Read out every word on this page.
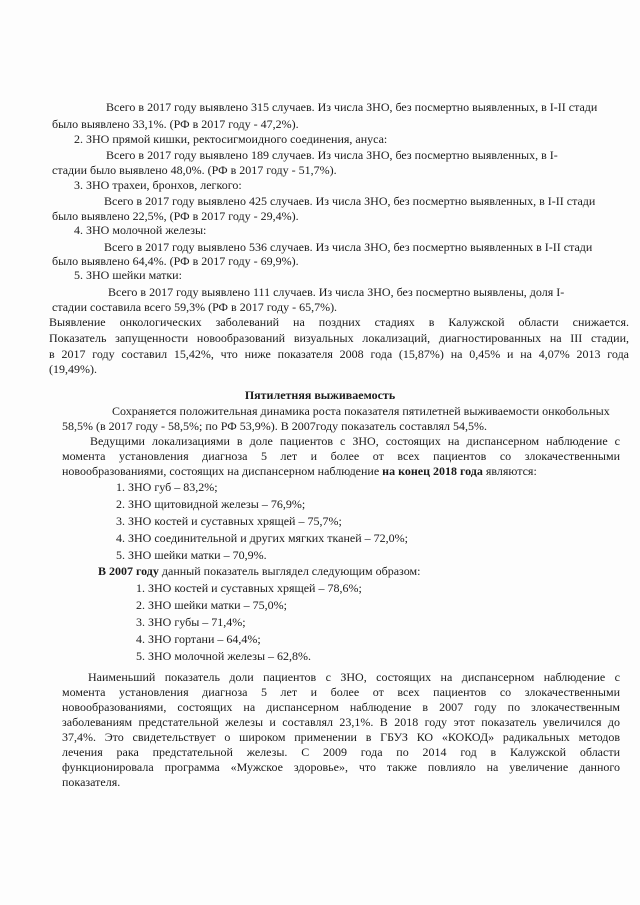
Всего в 2017 году выявлено 315 случаев. Из числа ЗНО, без посмертно выявленных, в I-II стади
было выявлено 33,1%. (РФ в 2017 году - 47,2%).
2. ЗНО прямой кишки, ректосигмоидного соединения, ануса:
Всего в 2017 году выявлено 189 случаев. Из числа ЗНО, без посмертно выявленных, в I-
стадии было выявлено 48,0%. (РФ в 2017 году - 51,7%).
3. ЗНО трахеи, бронхов, легкого:
Всего в 2017 году выявлено 425 случаев. Из числа ЗНО, без посмертно выявленных, в I-II стади
было выявлено 22,5%, (РФ в 2017 году - 29,4%).
4. ЗНО молочной железы:
Всего в 2017 году выявлено 536 случаев. Из числа ЗНО, без посмертно выявленных в I-II стади
было выявлено 64,4%. (РФ в 2017 году - 69,9%).
5. ЗНО шейки матки:
Всего в 2017 году выявлено 111 случаев. Из числа ЗНО, без посмертно выявлены, доля I-
стадии составила всего 59,3% (РФ в 2017 году - 65,7%).
Выявление онкологических заболеваний на поздних стадиях в Калужской области снижается.
Показатель запущенности новообразований визуальных локализаций, диагностированных на III стадии,
в 2017 году составил 15,42%, что ниже показателя 2008 года (15,87%) на 0,45% и на 4,07% 2013 года
(19,49%).
Пятилетняя выживаемость
Сохраняется положительная динамика роста показателя пятилетней выживаемости онкобольных
58,5% (в 2017 году - 58,5%; по РФ 53,9%). В 2007году показатель составлял 54,5%.
Ведущими локализациями в доле пациентов с ЗНО, состоящих на диспансерном наблюдение с
момента установления диагноза 5 лет и более от всех пациентов со злокачественными
новообразованиями, состоящих на диспансерном наблюдение на конец 2018 года являются:
1. ЗНО губ – 83,2%;
2. ЗНО щитовидной железы – 76,9%;
3. ЗНО костей и суставных хрящей – 75,7%;
4. ЗНО соединительной и других мягких тканей – 72,0%;
5. ЗНО шейки матки – 70,9%.
В 2007 году данный показатель выглядел следующим образом:
1. ЗНО костей и суставных хрящей – 78,6%;
2. ЗНО шейки матки – 75,0%;
3. ЗНО губы – 71,4%;
4. ЗНО гортани – 64,4%;
5. ЗНО молочной железы – 62,8%.
Наименьший показатель доли пациентов с ЗНО, состоящих на диспансерном наблюдение с
момента установления диагноза 5 лет и более от всех пациентов со злокачественными
новообразованиями, состоящих на диспансерном наблюдение в 2007 году по злокачественным
заболеваниям предстательной железы и составлял 23,1%. В 2018 году этот показатель увеличился до
37,4%. Это свидетельствует о широком применении в ГБУЗ КО «КОКОД» радикальных методов
лечения рака предстательной железы. С 2009 года по 2014 год в Калужской области
функционировала программа «Мужское здоровье», что также повлияло на увеличение данного
показателя.
